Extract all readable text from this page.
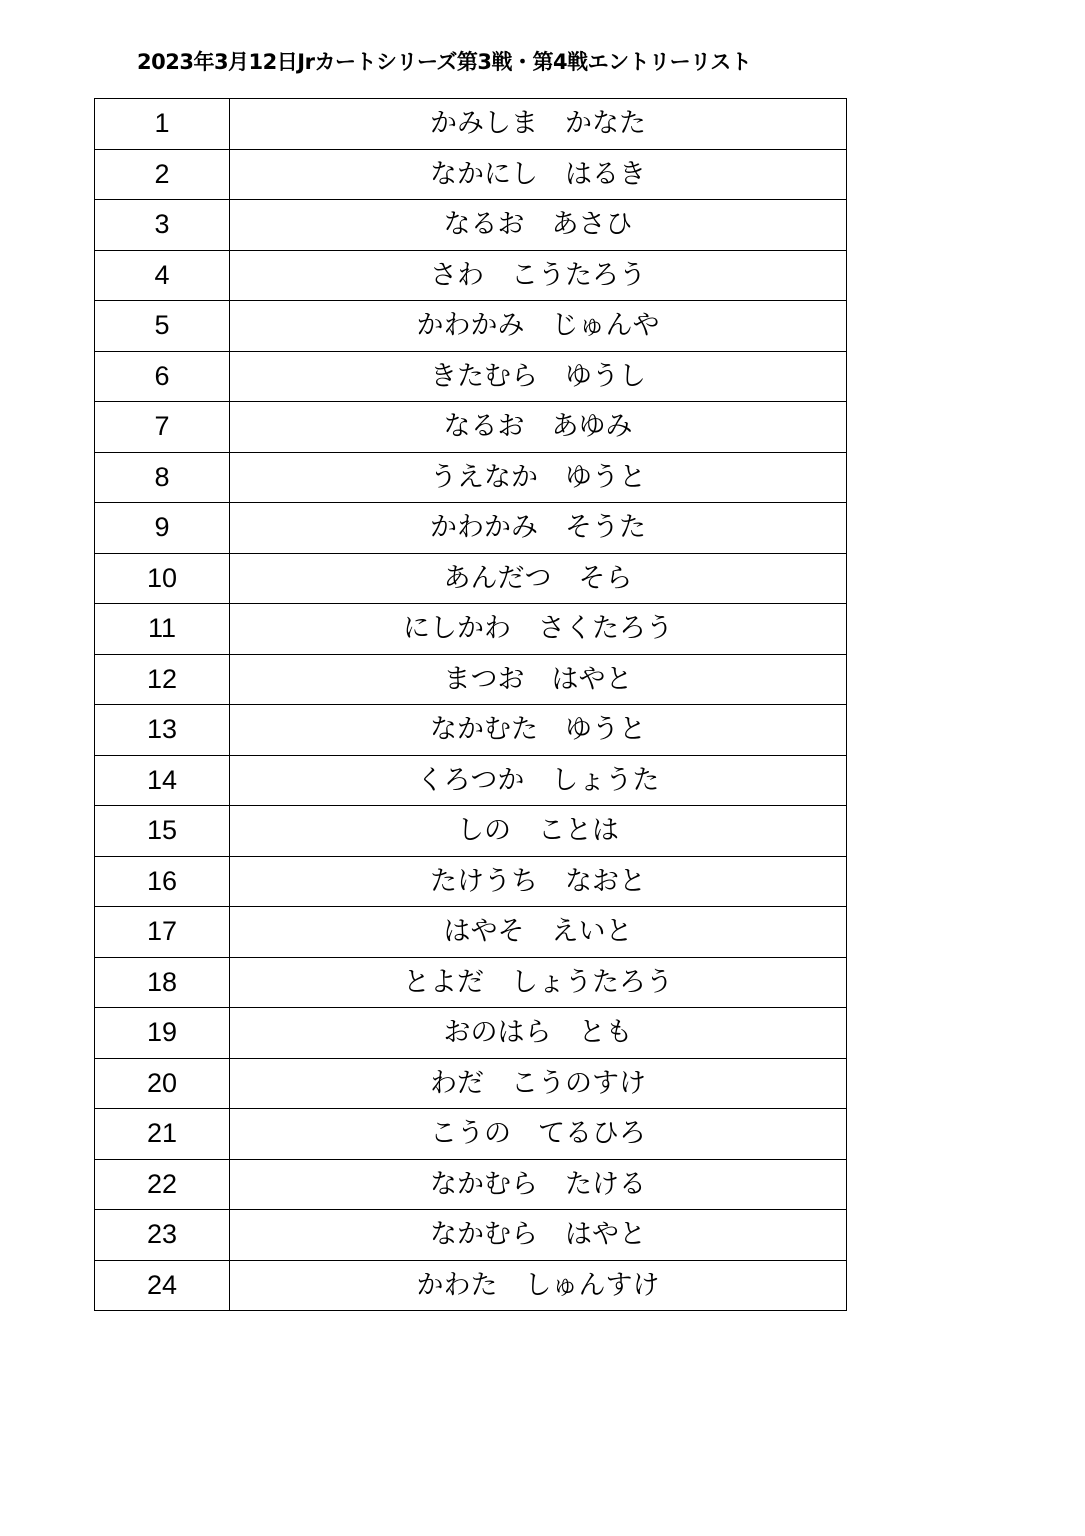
2023年3月12日Jrカートシリーズ第3戦・第4戦エントリーリスト
1	かみしま　かなた
2	なかにし　はるき
3	なるお　あさひ
4	さわ　こうたろう
5	かわかみ　じゅんや
6	きたむら　ゆうし
7	なるお　あゆみ
8	うえなか　ゆうと
9	かわかみ　そうた
10	あんだつ　そら
11	にしかわ　さくたろう
12	まつお　はやと
13	なかむた　ゆうと
14	くろつか　しょうた
15	しの　ことは
16	たけうち　なおと
17	はやそ　えいと
18	とよだ　しょうたろう
19	おのはら　とも
20	わだ　こうのすけ
21	こうの　てるひろ
22	なかむら　たける
23	なかむら　はやと
24	かわた　しゅんすけ
